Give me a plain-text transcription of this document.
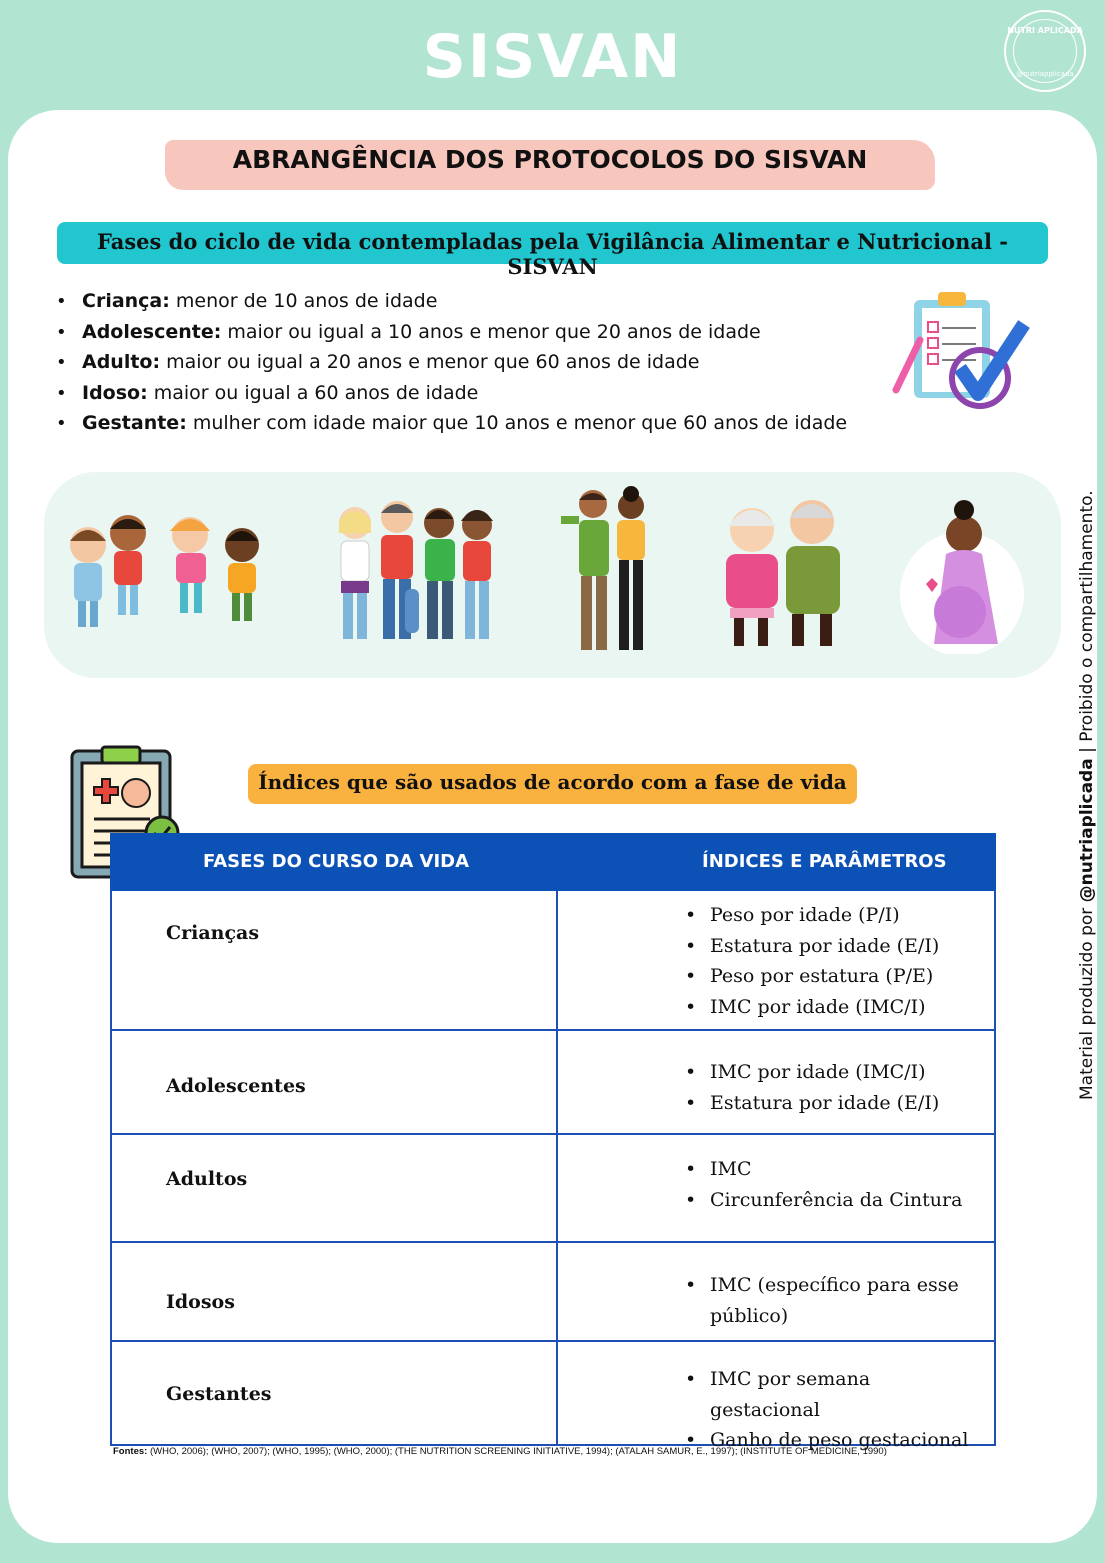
SISVAN	NUTRI APLICADA
@nutriapplicada
Material produzido por @nutriaplicada | Proibido o compartilhamento.
ABRANGÊNCIA DOS PROTOCOLOS DO SISVAN
Fases do ciclo de vida contempladas pela Vigilância Alimentar e Nutricional - SISVAN
• Criança: menor de 10 anos de idade
• Adolescente: maior ou igual a 10 anos e menor que 20 anos de idade
• Adulto: maior ou igual a 20 anos e menor que 60 anos de idade
• Idoso: maior ou igual a 60 anos de idade
• Gestante: mulher com idade maior que 10 anos e menor que 60 anos de idade
Índices que são usados de acordo com a fase de vida
FASES DO CURSO DA VIDA	ÍNDICES E PARÂMETROS
Crianças
• Peso por idade (P/I)
• Estatura por idade (E/I)
• Peso por estatura (P/E)
• IMC por idade (IMC/I)
Adolescentes
• IMC por idade (IMC/I)
• Estatura por idade (E/I)
Adultos
•	IMC
• Circunferência da Cintura
Idosos
• IMC (específico para esse público)
Gestantes
• IMC por semana gestacional
• Ganho de peso gestacional
Fontes: (WHO, 2006); (WHO, 2007); (WHO, 1995); (WHO, 2000); (THE NUTRITION SCREENING INITIATIVE, 1994); (ATALAH SAMUR, E., 1997); (INSTITUTE OF MEDICINE, 1990)
